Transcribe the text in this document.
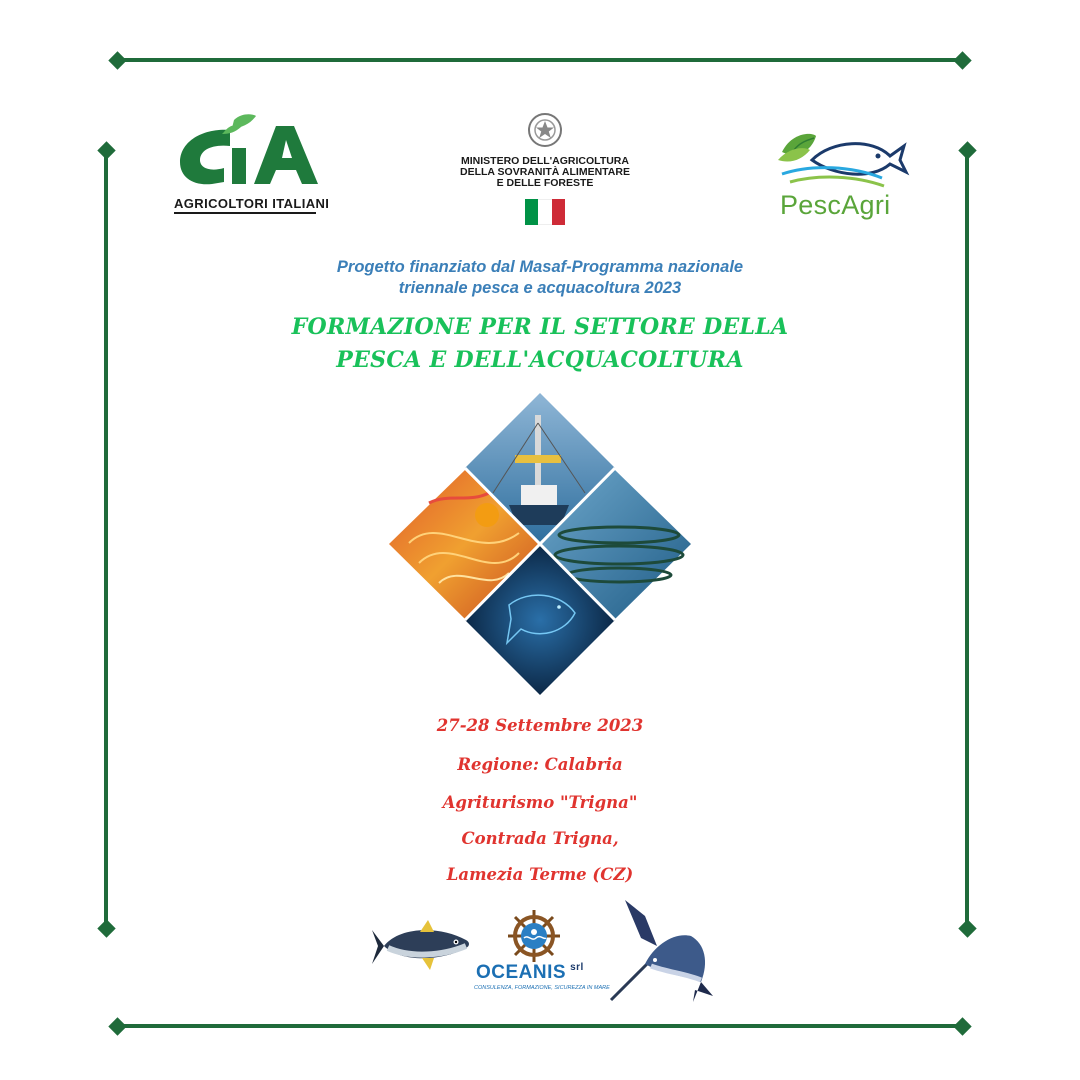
AGRICOLTORI ITALIANI
MINISTERO DELL'AGRICOLTURA
DELLA SOVRANITÀ ALIMENTARE
E DELLE FORESTE
PescAgri
Progetto finanziato dal Masaf-Programma nazionale
triennale pesca e acquacoltura 2023
FORMAZIONE PER IL SETTORE DELLA
PESCA E DELL'ACQUACOLTURA
27-28 Settembre 2023
Regione: Calabria
Agriturismo "Trigna"
Contrada Trigna,
Lamezia Terme (CZ)
OCEANIS $^{srl}$
CONSULENZA, FORMAZIONE, SICUREZZA IN MARE
